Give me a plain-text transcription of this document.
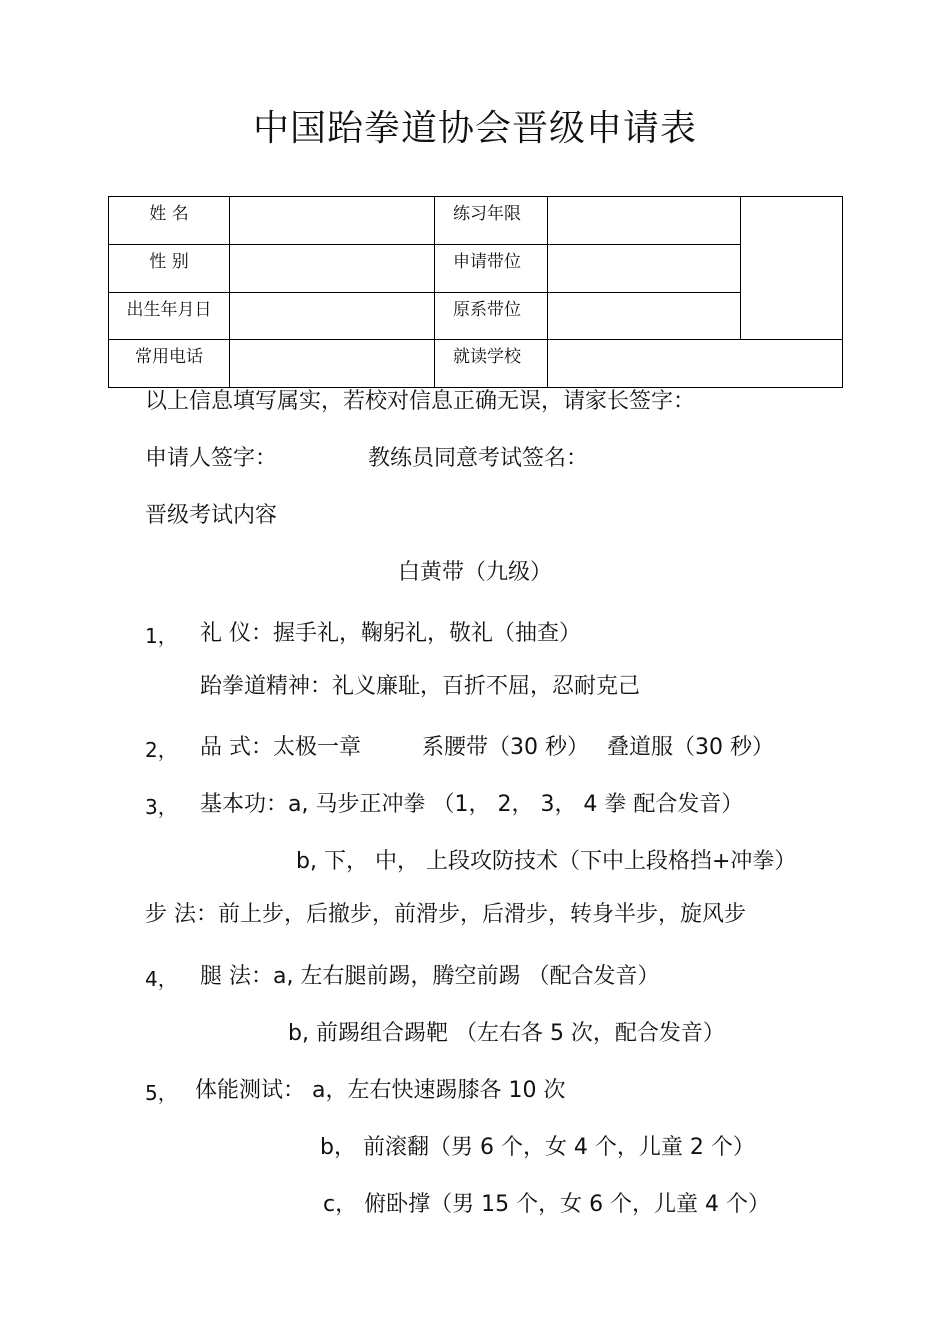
中国跆拳道协会晋级申请表
姓 名		练习年限		
性 别		申请带位		
出生年月日		原系带位		
常用电话		就读学校		
以上信息填写属实，若校对信息正确无误，请家长签字：
申请人签字：	教练员同意考试签名：
晋级考试内容
白黄带（九级）
1， 礼 仪：握手礼，鞠躬礼，敬礼（抽查）
跆拳道精神：礼义廉耻，百折不屈，忍耐克己
2， 品 式：太极一章	系腰带（30 秒） 叠道服（30 秒）
3， 基本功：a, 马步正冲拳 （1， 2， 3， 4 拳 配合发音）
b, 下， 中， 上段攻防技术（下中上段格挡+冲拳）
步 法：前上步，后撤步，前滑步，后滑步，转身半步，旋风步
4， 腿 法：a, 左右腿前踢，腾空前踢 （配合发音）
b, 前踢组合踢靶 （左右各 5 次，配合发音）
5， 体能测试： a，左右快速踢膝各 10 次
b， 前滚翻（男 6 个，女 4 个，儿童 2 个）
c， 俯卧撑（男 15 个，女 6 个，儿童 4 个）
